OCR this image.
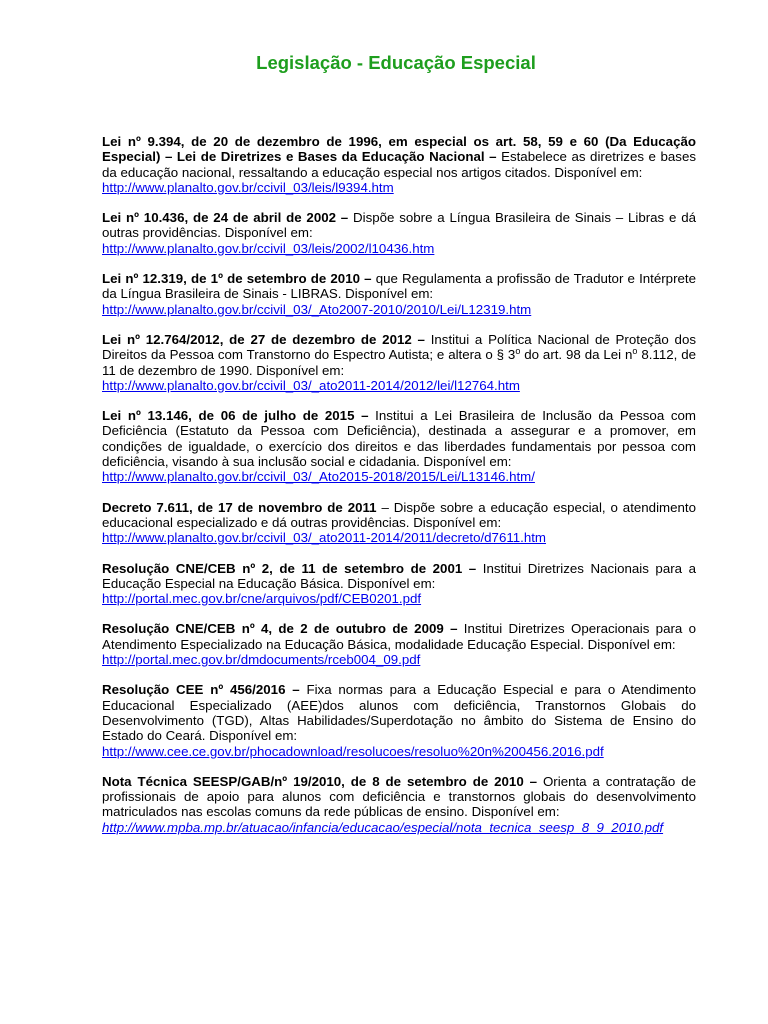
Legislação - Educação Especial

Lei nº 9.394, de 20 de dezembro de 1996, em especial os art. 58, 59 e 60 (Da Educação Especial) – Lei de Diretrizes e Bases da Educação Nacional – Estabelece as diretrizes e bases da educação nacional, ressaltando a educação especial nos artigos citados. Disponível em:
http://www.planalto.gov.br/ccivil_03/leis/l9394.htm

Lei nº 10.436, de 24 de abril de 2002 – Dispõe sobre a Língua Brasileira de Sinais – Libras e dá outras providências. Disponível em:
http://www.planalto.gov.br/ccivil_03/leis/2002/l10436.htm

Lei nº 12.319, de 1º de setembro de 2010 – que Regulamenta a profissão de Tradutor e Intérprete da Língua Brasileira de Sinais - LIBRAS. Disponível em:
http://www.planalto.gov.br/ccivil_03/_Ato2007-2010/2010/Lei/L12319.htm

Lei nº 12.764/2012, de 27 de dezembro de 2012 – Institui a Política Nacional de Proteção dos Direitos da Pessoa com Transtorno do Espectro Autista; e altera o § 3$^o$ do art. 98 da Lei $n^o$ 8.112, de 11 de dezembro de 1990. Disponível em:
http://www.planalto.gov.br/ccivil_03/_ato2011-2014/2012/lei/l12764.htm

Lei nº 13.146, de 06 de julho de 2015 – Institui a Lei Brasileira de Inclusão da Pessoa com Deficiência (Estatuto da Pessoa com Deficiência), destinada a assegurar e a promover, em condições de igualdade, o exercício dos direitos e das liberdades fundamentais por pessoa com deficiência, visando à sua inclusão social e cidadania. Disponível em:
http://www.planalto.gov.br/ccivil_03/_Ato2015-2018/2015/Lei/L13146.htm/

Decreto 7.611, de 17 de novembro de 2011 – Dispõe sobre a educação especial, o atendimento educacional especializado e dá outras providências. Disponível em:
http://www.planalto.gov.br/ccivil_03/_ato2011-2014/2011/decreto/d7611.htm

Resolução CNE/CEB nº 2, de 11 de setembro de 2001 – Institui Diretrizes Nacionais para a Educação Especial na Educação Básica. Disponível em:
http://portal.mec.gov.br/cne/arquivos/pdf/CEB0201.pdf

Resolução CNE/CEB nº 4, de 2 de outubro de 2009 – Institui Diretrizes Operacionais para o Atendimento Especializado na Educação Básica, modalidade Educação Especial. Disponível em:
http://portal.mec.gov.br/dmdocuments/rceb004_09.pdf

Resolução CEE nº 456/2016 – Fixa normas para a Educação Especial e para o Atendimento Educacional Especializado (AEE)dos alunos com deficiência, Transtornos Globais do Desenvolvimento (TGD), Altas Habilidades/Superdotação no âmbito do Sistema de Ensino do Estado do Ceará. Disponível em:
http://www.cee.ce.gov.br/phocadownload/resolucoes/resoluo%20n%200456.2016.pdf

Nota Técnica SEESP/GAB/nº 19/2010, de 8 de setembro de 2010 – Orienta a contratação de profissionais de apoio para alunos com deficiência e transtornos globais do desenvolvimento matriculados nas escolas comuns da rede públicas de ensino. Disponível em:
http://www.mpba.mp.br/atuacao/infancia/educacao/especial/nota_tecnica_seesp_8_9_2010.pdf
